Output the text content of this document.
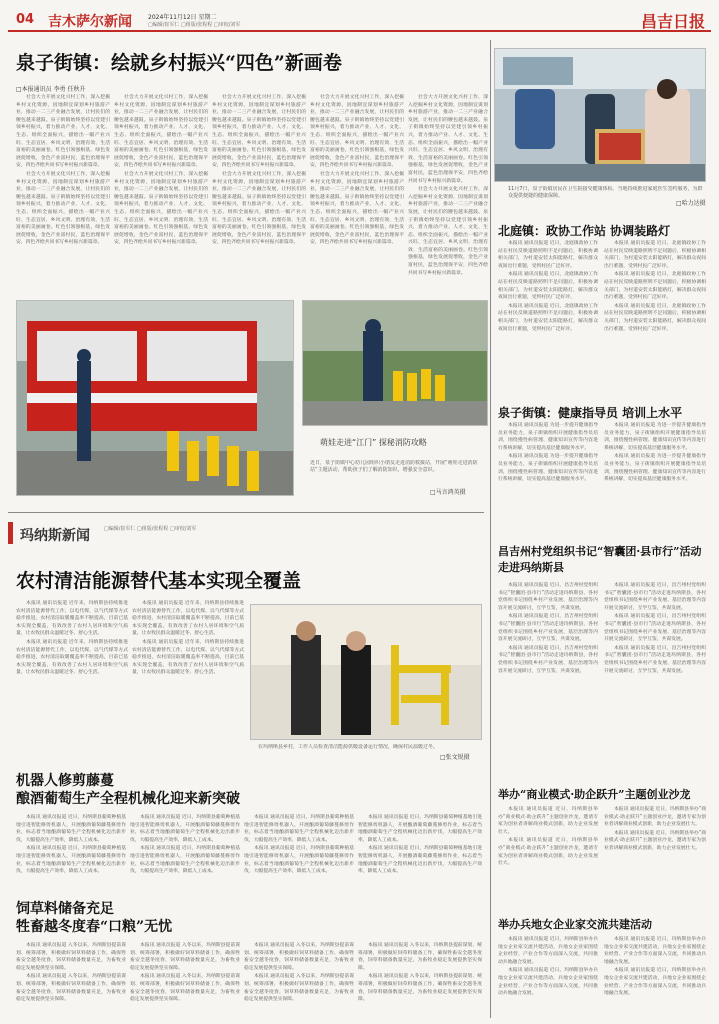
04 吉木萨尔新闻	2024年11月12日 星期二
□编辑/崔军仁 □组版/张程程 □审校/刘军	昌吉日报
泉子街镇：绘就乡村振兴“四色”新画卷
□本报通讯员 李勇 任秋升

社会大力开展文化兴村工作，深入挖掘乡村文化资源，因地制宜谋划乡村旅游产业，推动一二三产业融合发展，让村民们的腰包越来越鼓。泉子街镇始终坚持以党建引领乡村振兴，着力推动产业、人才、文化、生态、组织全面振兴，描绘出一幅产业兴旺、生态宜居、乡风文明、治理有效、生活富裕的美丽画卷。红色引领强根基，绿色发展促增收，金色产业富村民，蓝色治理保平安，四色齐绘共同书写乡村振兴新篇章。

社会大力开展文化兴村工作，深入挖掘乡村文化资源，因地制宜谋划乡村旅游产业，推动一二三产业融合发展，让村民们的腰包越来越鼓。泉子街镇始终坚持以党建引领乡村振兴，着力推动产业、人才、文化、生态、组织全面振兴，描绘出一幅产业兴旺、生态宜居、乡风文明、治理有效、生活富裕的美丽画卷。红色引领强根基，绿色发展促增收，金色产业富村民，蓝色治理保平安，四色齐绘共同书写乡村振兴新篇章。

社会大力开展文化兴村工作，深入挖掘乡村文化资源，因地制宜谋划乡村旅游产业，推动一二三产业融合发展，让村民们的腰包越来越鼓。泉子街镇始终坚持以党建引领乡村振兴，着力推动产业、人才、文化、生态、组织全面振兴，描绘出一幅产业兴旺、生态宜居、乡风文明、治理有效、生活富裕的美丽画卷。红色引领强根基，绿色发展促增收，金色产业富村民，蓝色治理保平安，四色齐绘共同书写乡村振兴新篇章。

社会大力开展文化兴村工作，深入挖掘乡村文化资源，因地制宜谋划乡村旅游产业，推动一二三产业融合发展，让村民们的腰包越来越鼓。泉子街镇始终坚持以党建引领乡村振兴，着力推动产业、人才、文化、生态、组织全面振兴，描绘出一幅产业兴旺、生态宜居、乡风文明、治理有效、生活富裕的美丽画卷。红色引领强根基，绿色发展促增收，金色产业富村民，蓝色治理保平安，四色齐绘共同书写乡村振兴新篇章。

社会大力开展文化兴村工作，深入挖掘乡村文化资源，因地制宜谋划乡村旅游产业，推动一二三产业融合发展，让村民们的腰包越来越鼓。泉子街镇始终坚持以党建引领乡村振兴，着力推动产业、人才、文化、生态、组织全面振兴，描绘出一幅产业兴旺、生态宜居、乡风文明、治理有效、生活富裕的美丽画卷。红色引领强根基，绿色发展促增收，金色产业富村民，蓝色治理保平安，四色齐绘共同书写乡村振兴新篇章。

社会大力开展文化兴村工作，深入挖掘乡村文化资源，因地制宜谋划乡村旅游产业，推动一二三产业融合发展，让村民们的腰包越来越鼓。泉子街镇始终坚持以党建引领乡村振兴，着力推动产业、人才、文化、生态、组织全面振兴，描绘出一幅产业兴旺、生态宜居、乡风文明、治理有效、生活富裕的美丽画卷。红色引领强根基，绿色发展促增收，金色产业富村民，蓝色治理保平安，四色齐绘共同书写乡村振兴新篇章。

社会大力开展文化兴村工作，深入挖掘乡村文化资源，因地制宜谋划乡村旅游产业，推动一二三产业融合发展，让村民们的腰包越来越鼓。泉子街镇始终坚持以党建引领乡村振兴，着力推动产业、人才、文化、生态、组织全面振兴，描绘出一幅产业兴旺、生态宜居、乡风文明、治理有效、生活富裕的美丽画卷。红色引领强根基，绿色发展促增收，金色产业富村民，蓝色治理保平安，四色齐绘共同书写乡村振兴新篇章。

社会大力开展文化兴村工作，深入挖掘乡村文化资源，因地制宜谋划乡村旅游产业，推动一二三产业融合发展，让村民们的腰包越来越鼓。泉子街镇始终坚持以党建引领乡村振兴，着力推动产业、人才、文化、生态、组织全面振兴，描绘出一幅产业兴旺、生态宜居、乡风文明、治理有效、生活富裕的美丽画卷。红色引领强根基，绿色发展促增收，金色产业富村民，蓝色治理保平安，四色齐绘共同书写乡村振兴新篇章。

社会大力开展文化兴村工作，深入挖掘乡村文化资源，因地制宜谋划乡村旅游产业，推动一二三产业融合发展，让村民们的腰包越来越鼓。泉子街镇始终坚持以党建引领乡村振兴，着力推动产业、人才、文化、生态、组织全面振兴，描绘出一幅产业兴旺、生态宜居、乡风文明、治理有效、生活富裕的美丽画卷。红色引领强根基，绿色发展促增收，金色产业富村民，蓝色治理保平安，四色齐绘共同书写乡村振兴新篇章。

社会大力开展文化兴村工作，深入挖掘乡村文化资源，因地制宜谋划乡村旅游产业，推动一二三产业融合发展，让村民们的腰包越来越鼓。泉子街镇始终坚持以党建引领乡村振兴，着力推动产业、人才、文化、生态、组织全面振兴，描绘出一幅产业兴旺、生态宜居、乡风文明、治理有效、生活富裕的美丽画卷。红色引领强根基，绿色发展促增收，金色产业富村民，蓝色治理保平安，四色齐绘共同书写乡村振兴新篇章。

11月7日，泉子街镇居民在卫生院接受健康体检。当地持续推进家庭医生签约服务，为群众提供便捷的健康保障。
□哈力达摄
北庭镇：政协工作站 协调装路灯

本报讯 通讯员报道 近日，北庭镇政协工作站在村民反映道路照明不足问题后，积极协调相关部门，为村道安装太阳能路灯，解决群众夜间出行难题，受到村民广泛好评。

本报讯 通讯员报道 近日，北庭镇政协工作站在村民反映道路照明不足问题后，积极协调相关部门，为村道安装太阳能路灯，解决群众夜间出行难题，受到村民广泛好评。

本报讯 通讯员报道 近日，北庭镇政协工作站在村民反映道路照明不足问题后，积极协调相关部门，为村道安装太阳能路灯，解决群众夜间出行难题，受到村民广泛好评。

本报讯 通讯员报道 近日，北庭镇政协工作站在村民反映道路照明不足问题后，积极协调相关部门，为村道安装太阳能路灯，解决群众夜间出行难题，受到村民广泛好评。

本报讯 通讯员报道 近日，北庭镇政协工作站在村民反映道路照明不足问题后，积极协调相关部门，为村道安装太阳能路灯，解决群众夜间出行难题，受到村民广泛好评。

本报讯 通讯员报道 近日，北庭镇政协工作站在村民反映道路照明不足问题后，积极协调相关部门，为村道安装太阳能路灯，解决群众夜间出行难题，受到村民广泛好评。

泉子街镇：健康指导员 培训上水平

本报讯 通讯员报道 为进一步提升健康指导员业务能力，泉子街镇组织开展健康指导员培训，围绕慢性病管理、健康知识宣传等内容进行系统讲解，切实提高基层健康服务水平。

本报讯 通讯员报道 为进一步提升健康指导员业务能力，泉子街镇组织开展健康指导员培训，围绕慢性病管理、健康知识宣传等内容进行系统讲解，切实提高基层健康服务水平。

本报讯 通讯员报道 为进一步提升健康指导员业务能力，泉子街镇组织开展健康指导员培训，围绕慢性病管理、健康知识宣传等内容进行系统讲解，切实提高基层健康服务水平。

本报讯 通讯员报道 为进一步提升健康指导员业务能力，泉子街镇组织开展健康指导员培训，围绕慢性病管理、健康知识宣传等内容进行系统讲解，切实提高基层健康服务水平。

萌娃走进“江门” 探秘消防攻略
近日，泉子街镇中心幼儿园组织小朋友走进消防救援站，开展“萌娃走进消防站”主题活动，帮助孩子们了解消防知识，增强安全意识。
□马言鸿英摄
玛纳斯新闻	□编辑/崔军仁 □组版/张程程 □审校/刘军
农村清洁能源替代基本实现全覆盖

本报讯 通讯员报道 近年来，玛纳斯县持续推进农村清洁能源替代工作，以电代煤、以气代煤等方式稳步推进，农村清洁取暖覆盖率不断提高，目前已基本实现全覆盖，有效改善了农村人居环境和空气质量，让农牧民群众温暖过冬、舒心生活。

本报讯 通讯员报道 近年来，玛纳斯县持续推进农村清洁能源替代工作，以电代煤、以气代煤等方式稳步推进，农村清洁取暖覆盖率不断提高，目前已基本实现全覆盖，有效改善了农村人居环境和空气质量，让农牧民群众温暖过冬、舒心生活。

本报讯 通讯员报道 近年来，玛纳斯县持续推进农村清洁能源替代工作，以电代煤、以气代煤等方式稳步推进，农村清洁取暖覆盖率不断提高，目前已基本实现全覆盖，有效改善了农村人居环境和空气质量，让农牧民群众温暖过冬、舒心生活。

本报讯 通讯员报道 近年来，玛纳斯县持续推进农村清洁能源替代工作，以电代煤、以气代煤等方式稳步推进，农村清洁取暖覆盖率不断提高，目前已基本实现全覆盖，有效改善了农村人居环境和空气质量，让农牧民群众温暖过冬、舒心生活。

在玛纳斯县乡村，工作人员检查清洁能源供暖设备运行情况，确保村民温暖过冬。
□张文锐摄
机器人修剪藤蔓
酿酒葡萄生产全程机械化迎来新突破

本报讯 通讯员报道 近日，玛纳斯县葡萄种植基地引进智能修剪机器人，开展酿酒葡萄藤蔓修剪作业，标志着当地酿酒葡萄生产全程机械化迈出新步伐，大幅提高生产效率，降低人工成本。

本报讯 通讯员报道 近日，玛纳斯县葡萄种植基地引进智能修剪机器人，开展酿酒葡萄藤蔓修剪作业，标志着当地酿酒葡萄生产全程机械化迈出新步伐，大幅提高生产效率，降低人工成本。

本报讯 通讯员报道 近日，玛纳斯县葡萄种植基地引进智能修剪机器人，开展酿酒葡萄藤蔓修剪作业，标志着当地酿酒葡萄生产全程机械化迈出新步伐，大幅提高生产效率，降低人工成本。

本报讯 通讯员报道 近日，玛纳斯县葡萄种植基地引进智能修剪机器人，开展酿酒葡萄藤蔓修剪作业，标志着当地酿酒葡萄生产全程机械化迈出新步伐，大幅提高生产效率，降低人工成本。

本报讯 通讯员报道 近日，玛纳斯县葡萄种植基地引进智能修剪机器人，开展酿酒葡萄藤蔓修剪作业，标志着当地酿酒葡萄生产全程机械化迈出新步伐，大幅提高生产效率，降低人工成本。

本报讯 通讯员报道 近日，玛纳斯县葡萄种植基地引进智能修剪机器人，开展酿酒葡萄藤蔓修剪作业，标志着当地酿酒葡萄生产全程机械化迈出新步伐，大幅提高生产效率，降低人工成本。

本报讯 通讯员报道 近日，玛纳斯县葡萄种植基地引进智能修剪机器人，开展酿酒葡萄藤蔓修剪作业，标志着当地酿酒葡萄生产全程机械化迈出新步伐，大幅提高生产效率，降低人工成本。

本报讯 通讯员报道 近日，玛纳斯县葡萄种植基地引进智能修剪机器人，开展酿酒葡萄藤蔓修剪作业，标志着当地酿酒葡萄生产全程机械化迈出新步伐，大幅提高生产效率，降低人工成本。

饲草料储备充足
牲畜越冬度春“口粮”无忧

本报讯 通讯员报道 入冬以来，玛纳斯县提前谋划、统筹部署，积极做好饲草料储备工作，确保牲畜安全越冬度春，饲草料储备数量充足，为畜牧业稳定发展提供坚实保障。

本报讯 通讯员报道 入冬以来，玛纳斯县提前谋划、统筹部署，积极做好饲草料储备工作，确保牲畜安全越冬度春，饲草料储备数量充足，为畜牧业稳定发展提供坚实保障。

本报讯 通讯员报道 入冬以来，玛纳斯县提前谋划、统筹部署，积极做好饲草料储备工作，确保牲畜安全越冬度春，饲草料储备数量充足，为畜牧业稳定发展提供坚实保障。

本报讯 通讯员报道 入冬以来，玛纳斯县提前谋划、统筹部署，积极做好饲草料储备工作，确保牲畜安全越冬度春，饲草料储备数量充足，为畜牧业稳定发展提供坚实保障。

本报讯 通讯员报道 入冬以来，玛纳斯县提前谋划、统筹部署，积极做好饲草料储备工作，确保牲畜安全越冬度春，饲草料储备数量充足，为畜牧业稳定发展提供坚实保障。

本报讯 通讯员报道 入冬以来，玛纳斯县提前谋划、统筹部署，积极做好饲草料储备工作，确保牲畜安全越冬度春，饲草料储备数量充足，为畜牧业稳定发展提供坚实保障。

本报讯 通讯员报道 入冬以来，玛纳斯县提前谋划、统筹部署，积极做好饲草料储备工作，确保牲畜安全越冬度春，饲草料储备数量充足，为畜牧业稳定发展提供坚实保障。

本报讯 通讯员报道 入冬以来，玛纳斯县提前谋划、统筹部署，积极做好饲草料储备工作，确保牲畜安全越冬度春，饲草料储备数量充足，为畜牧业稳定发展提供坚实保障。

昌吉州村党组织书记“智囊团·县市行”活动走进玛纳斯县

本报讯 通讯员报道 近日，昌吉州村党组织书记“智囊团·县市行”活动走进玛纳斯县，各村党组织书记围绕乡村产业发展、基层治理等内容开展交流研讨，互学互鉴，共谋发展。

本报讯 通讯员报道 近日，昌吉州村党组织书记“智囊团·县市行”活动走进玛纳斯县，各村党组织书记围绕乡村产业发展、基层治理等内容开展交流研讨，互学互鉴，共谋发展。

本报讯 通讯员报道 近日，昌吉州村党组织书记“智囊团·县市行”活动走进玛纳斯县，各村党组织书记围绕乡村产业发展、基层治理等内容开展交流研讨，互学互鉴，共谋发展。

本报讯 通讯员报道 近日，昌吉州村党组织书记“智囊团·县市行”活动走进玛纳斯县，各村党组织书记围绕乡村产业发展、基层治理等内容开展交流研讨，互学互鉴，共谋发展。

本报讯 通讯员报道 近日，昌吉州村党组织书记“智囊团·县市行”活动走进玛纳斯县，各村党组织书记围绕乡村产业发展、基层治理等内容开展交流研讨，互学互鉴，共谋发展。

本报讯 通讯员报道 近日，昌吉州村党组织书记“智囊团·县市行”活动走进玛纳斯县，各村党组织书记围绕乡村产业发展、基层治理等内容开展交流研讨，互学互鉴，共谋发展。

举办“商业模式·助企跃升”主题创业沙龙

本报讯 通讯员报道 近日，玛纳斯县举办“商业模式·助企跃升”主题创业沙龙，邀请专家为创业者讲解商业模式创新，助力企业发展壮大。

本报讯 通讯员报道 近日，玛纳斯县举办“商业模式·助企跃升”主题创业沙龙，邀请专家为创业者讲解商业模式创新，助力企业发展壮大。

本报讯 通讯员报道 近日，玛纳斯县举办“商业模式·助企跃升”主题创业沙龙，邀请专家为创业者讲解商业模式创新，助力企业发展壮大。

本报讯 通讯员报道 近日，玛纳斯县举办“商业模式·助企跃升”主题创业沙龙，邀请专家为创业者讲解商业模式创新，助力企业发展壮大。

举办兵地女企业家交流共建活动

本报讯 通讯员报道 近日，玛纳斯县举办兵地女企业家交流共建活动，兵地女企业家围绕企业经营、产业合作等方面深入交流，共同推动兵地融合发展。

本报讯 通讯员报道 近日，玛纳斯县举办兵地女企业家交流共建活动，兵地女企业家围绕企业经营、产业合作等方面深入交流，共同推动兵地融合发展。

本报讯 通讯员报道 近日，玛纳斯县举办兵地女企业家交流共建活动，兵地女企业家围绕企业经营、产业合作等方面深入交流，共同推动兵地融合发展。

本报讯 通讯员报道 近日，玛纳斯县举办兵地女企业家交流共建活动，兵地女企业家围绕企业经营、产业合作等方面深入交流，共同推动兵地融合发展。
